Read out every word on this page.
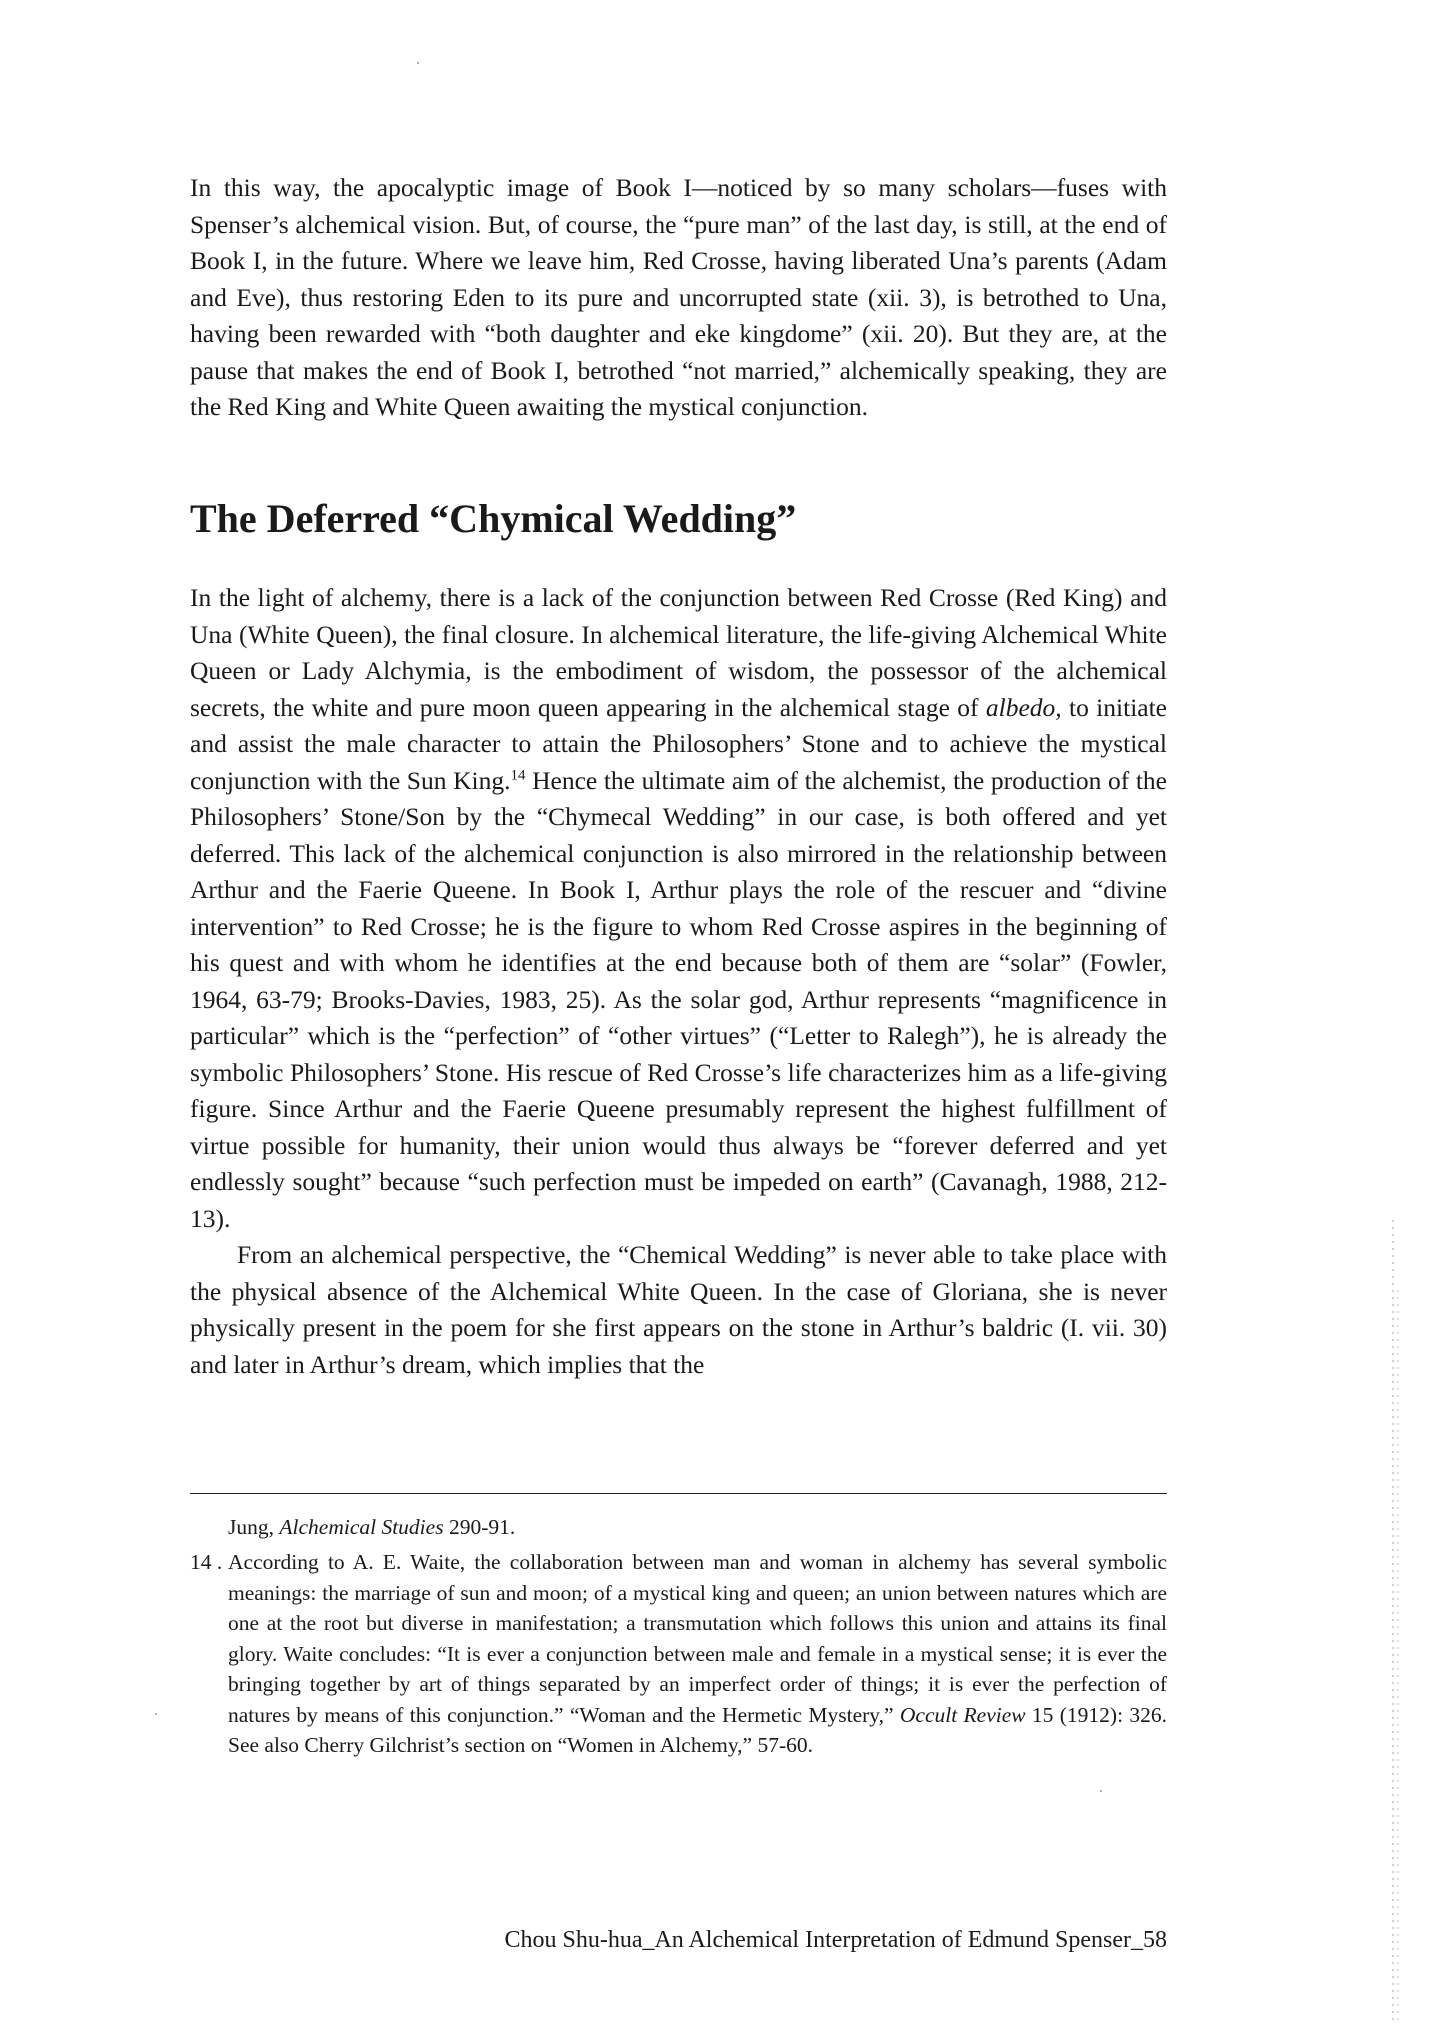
In this way, the apocalyptic image of Book I—noticed by so many scholars—fuses with Spenser’s alchemical vision. But, of course, the “pure man” of the last day, is still, at the end of Book I, in the future. Where we leave him, Red Crosse, having liberated Una’s parents (Adam and Eve), thus restoring Eden to its pure and uncorrupted state (xii. 3), is betrothed to Una, having been rewarded with “both daughter and eke kingdome” (xii. 20). But they are, at the pause that makes the end of Book I, betrothed “not married,” alchemically speaking, they are the Red King and White Queen awaiting the mystical conjunction.

The Deferred “Chymical Wedding”

In the light of alchemy, there is a lack of the conjunction between Red Crosse (Red King) and Una (White Queen), the final closure. In alchemical literature, the life-giving Alchemical White Queen or Lady Alchymia, is the embodiment of wisdom, the possessor of the alchemical secrets, the white and pure moon queen appearing in the alchemical stage of albedo, to initiate and assist the male character to attain the Philosophers’ Stone and to achieve the mystical conjunction with the Sun King.$^{14}$ Hence the ultimate aim of the alchemist, the production of the Philosophers’ Stone/Son by the “Chymecal Wedding” in our case, is both offered and yet deferred. This lack of the alchemical conjunction is also mirrored in the relationship between Arthur and the Faerie Queene. In Book I, Arthur plays the role of the rescuer and “divine intervention” to Red Crosse; he is the figure to whom Red Crosse aspires in the beginning of his quest and with whom he identifies at the end because both of them are “solar” (Fowler, 1964, 63-79; Brooks-Davies, 1983, 25). As the solar god, Arthur represents “magnificence in particular” which is the “perfection” of “other virtues” (“Letter to Ralegh”), he is already the symbolic Philosophers’ Stone. His rescue of Red Crosse’s life characterizes him as a life-giving figure. Since Arthur and the Faerie Queene presumably represent the highest fulfillment of virtue possible for humanity, their union would thus always be “forever deferred and yet endlessly sought” because “such perfection must be impeded on earth” (Cavanagh, 1988, 212-13).

From an alchemical perspective, the “Chemical Wedding” is never able to take place with the physical absence of the Alchemical White Queen. In the case of Gloriana, she is never physically present in the poem for she first appears on the stone in Arthur’s baldric (I. vii. 30) and later in Arthur’s dream, which implies that the

Jung, Alchemical Studies 290-91.
14 . According to A. E. Waite, the collaboration between man and woman in alchemy has several symbolic meanings: the marriage of sun and moon; of a mystical king and queen; an union between natures which are one at the root but diverse in manifestation; a transmutation which follows this union and attains its final glory. Waite concludes: “It is ever a conjunction between male and female in a mystical sense; it is ever the bringing together by art of things separated by an imperfect order of things; it is ever the perfection of natures by means of this conjunction.” “Woman and the Hermetic Mystery,” Occult Review 15 (1912): 326. See also Cherry Gilchrist’s section on “Women in Alchemy,” 57-60.
Chou Shu-hua_An Alchemical Interpretation of Edmund Spenser_58
